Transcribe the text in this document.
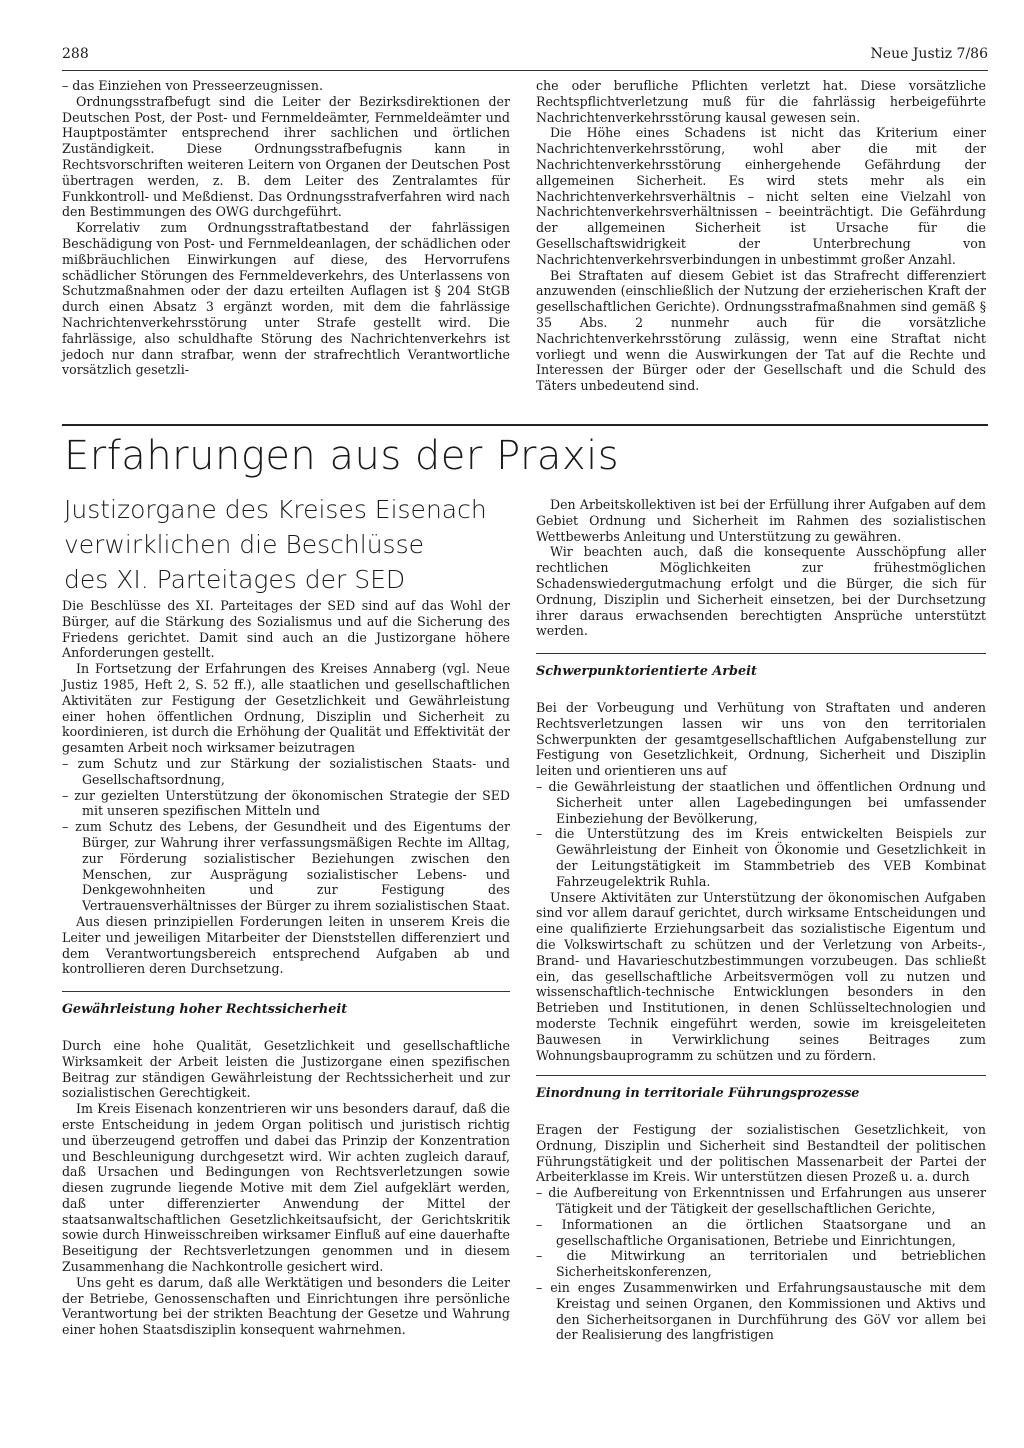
288	Neue Justiz 7/86

– das Einziehen von Presseerzeugnissen.

Ordnungsstrafbefugt sind die Leiter der Bezirksdirektionen der Deutschen Post, der Post- und Fernmeldeämter, Fernmeldeämter und Hauptpostämter entsprechend ihrer sachlichen und örtlichen Zuständigkeit. Diese Ordnungsstrafbefugnis kann in Rechtsvorschriften weiteren Leitern von Organen der Deutschen Post übertragen werden, z. B. dem Leiter des Zentralamtes für Funkkontroll- und Meßdienst. Das Ordnungsstrafverfahren wird nach den Bestimmungen des OWG durchgeführt.

Korrelativ zum Ordnungsstraftatbestand der fahrlässigen Beschädigung von Post- und Fernmeldeanlagen, der schädlichen oder mißbräuchlichen Einwirkungen auf diese, des Hervorrufens schädlicher Störungen des Fernmeldeverkehrs, des Unterlassens von Schutzmaßnahmen oder der dazu erteilten Auflagen ist § 204 StGB durch einen Absatz 3 ergänzt worden, mit dem die fahrlässige Nachrichtenverkehrsstörung unter Strafe gestellt wird. Die fahrlässige, also schuldhafte Störung des Nachrichtenverkehrs ist jedoch nur dann strafbar, wenn der strafrechtlich Verantwortliche vorsätzlich gesetzli-

che oder berufliche Pflichten verletzt hat. Diese vorsätzliche Rechtspflichtverletzung muß für die fahrlässig herbeigeführte Nachrichtenverkehrsstörung kausal gewesen sein.

Die Höhe eines Schadens ist nicht das Kriterium einer Nachrichtenverkehrsstörung, wohl aber die mit der Nachrichtenverkehrsstörung einhergehende Gefährdung der allgemeinen Sicherheit. Es wird stets mehr als ein Nachrichtenverkehrsverhältnis – nicht selten eine Vielzahl von Nachrichtenverkehrsverhältnissen – beeinträchtigt. Die Gefährdung der allgemeinen Sicherheit ist Ursache für die Gesellschaftswidrigkeit der Unterbrechung von Nachrichtenverkehrsverbindungen in unbestimmt großer Anzahl.

Bei Straftaten auf diesem Gebiet ist das Strafrecht differenziert anzuwenden (einschließlich der Nutzung der erzieherischen Kraft der gesellschaftlichen Gerichte). Ordnungsstrafmaßnahmen sind gemäß § 35 Abs. 2 nunmehr auch für die vorsätzliche Nachrichtenverkehrsstörung zulässig, wenn eine Straftat nicht vorliegt und wenn die Auswirkungen der Tat auf die Rechte und Interessen der Bürger oder der Gesellschaft und die Schuld des Täters unbedeutend sind.

Erfahrungen aus der Praxis
Justizorgane des Kreises Eisenach
verwirklichen die Beschlüsse
des XI. Parteitages der SED

Die Beschlüsse des XI. Parteitages der SED sind auf das Wohl der Bürger, auf die Stärkung des Sozialismus und auf die Sicherung des Friedens gerichtet. Damit sind auch an die Justizorgane höhere Anforderungen gestellt.

In Fortsetzung der Erfahrungen des Kreises Annaberg (vgl. Neue Justiz 1985, Heft 2, S. 52 ff.), alle staatlichen und gesellschaftlichen Aktivitäten zur Festigung der Gesetzlichkeit und Gewährleistung einer hohen öffentlichen Ordnung, Disziplin und Sicherheit zu koordinieren, ist durch die Erhöhung der Qualität und Effektivität der gesamten Arbeit noch wirksamer beizutragen

– zum Schutz und zur Stärkung der sozialistischen Staats- und Gesellschaftsordnung,

– zur gezielten Unterstützung der ökonomischen Strategie der SED mit unseren spezifischen Mitteln und

– zum Schutz des Lebens, der Gesundheit und des Eigentums der Bürger, zur Wahrung ihrer verfassungsmäßigen Rechte im Alltag, zur Förderung sozialistischer Beziehungen zwischen den Menschen, zur Ausprägung sozialistischer Lebens- und Denkgewohnheiten und zur Festigung des Vertrauensverhältnisses der Bürger zu ihrem sozialistischen Staat.

Aus diesen prinzipiellen Forderungen leiten in unserem Kreis die Leiter und jeweiligen Mitarbeiter der Dienststellen differenziert und dem Verantwortungsbereich entsprechend Aufgaben ab und kontrollieren deren Durchsetzung.

Gewährleistung hoher Rechtssicherheit

Durch eine hohe Qualität, Gesetzlichkeit und gesellschaftliche Wirksamkeit der Arbeit leisten die Justizorgane einen spezifischen Beitrag zur ständigen Gewährleistung der Rechtssicherheit und zur sozialistischen Gerechtigkeit.

Im Kreis Eisenach konzentrieren wir uns besonders darauf, daß die erste Entscheidung in jedem Organ politisch und juristisch richtig und überzeugend getroffen und dabei das Prinzip der Konzentration und Beschleunigung durchgesetzt wird. Wir achten zugleich darauf, daß Ursachen und Bedingungen von Rechtsverletzungen sowie diesen zugrunde liegende Motive mit dem Ziel aufgeklärt werden, daß unter differenzierter Anwendung der Mittel der staatsanwaltschaftlichen Gesetzlichkeitsaufsicht, der Gerichtskritik sowie durch Hinweisschreiben wirksamer Einfluß auf eine dauerhafte Beseitigung der Rechtsverletzungen genommen und in diesem Zusammenhang die Nachkontrolle gesichert wird.

Uns geht es darum, daß alle Werktätigen und besonders die Leiter der Betriebe, Genossenschaften und Einrichtungen ihre persönliche Verantwortung bei der strikten Beachtung der Gesetze und Wahrung einer hohen Staatsdisziplin konsequent wahrnehmen.

Den Arbeitskollektiven ist bei der Erfüllung ihrer Aufgaben auf dem Gebiet Ordnung und Sicherheit im Rahmen des sozialistischen Wettbewerbs Anleitung und Unterstützung zu gewähren.

Wir beachten auch, daß die konsequente Ausschöpfung aller rechtlichen Möglichkeiten zur frühestmöglichen Schadenswiedergutmachung erfolgt und die Bürger, die sich für Ordnung, Disziplin und Sicherheit einsetzen, bei der Durchsetzung ihrer daraus erwachsenden berechtigten Ansprüche unterstützt werden.

Schwerpunktorientierte Arbeit

Bei der Vorbeugung und Verhütung von Straftaten und anderen Rechtsverletzungen lassen wir uns von den territorialen Schwerpunkten der gesamtgesellschaftlichen Aufgabenstellung zur Festigung von Gesetzlichkeit, Ordnung, Sicherheit und Disziplin leiten und orientieren uns auf

– die Gewährleistung der staatlichen und öffentlichen Ordnung und Sicherheit unter allen Lagebedingungen bei umfassender Einbeziehung der Bevölkerung,

– die Unterstützung des im Kreis entwickelten Beispiels zur Gewährleistung der Einheit von Ökonomie und Gesetzlichkeit in der Leitungstätigkeit im Stammbetrieb des VEB Kombinat Fahrzeugelektrik Ruhla.

Unsere Aktivitäten zur Unterstützung der ökonomischen Aufgaben sind vor allem darauf gerichtet, durch wirksame Entscheidungen und eine qualifizierte Erziehungsarbeit das sozialistische Eigentum und die Volkswirtschaft zu schützen und der Verletzung von Arbeits-, Brand- und Havarieschutzbestimmungen vorzubeugen. Das schließt ein, das gesellschaftliche Arbeitsvermögen voll zu nutzen und wissenschaftlich-technische Entwicklungen besonders in den Betrieben und Institutionen, in denen Schlüsseltechnologien und moderste Technik eingeführt werden, sowie im kreisgeleiteten Bauwesen in Verwirklichung seines Beitrages zum Wohnungsbauprogramm zu schützen und zu fördern.

Einordnung in territoriale Führungsprozesse

Eragen der Festigung der sozialistischen Gesetzlichkeit, von Ordnung, Disziplin und Sicherheit sind Bestandteil der politischen Führungstätigkeit und der politischen Massenarbeit der Partei der Arbeiterklasse im Kreis. Wir unterstützen diesen Prozeß u. a. durch

– die Aufbereitung von Erkenntnissen und Erfahrungen aus unserer Tätigkeit und der Tätigkeit der gesellschaftlichen Gerichte,

– Informationen an die örtlichen Staatsorgane und an gesellschaftliche Organisationen, Betriebe und Einrichtungen,

– die Mitwirkung an territorialen und betrieblichen Sicherheitskonferenzen,

– ein enges Zusammenwirken und Erfahrungsaustausche mit dem Kreistag und seinen Organen, den Kommissionen und Aktivs und den Sicherheitsorganen in Durchführung des GöV vor allem bei der Realisierung des langfristigen
